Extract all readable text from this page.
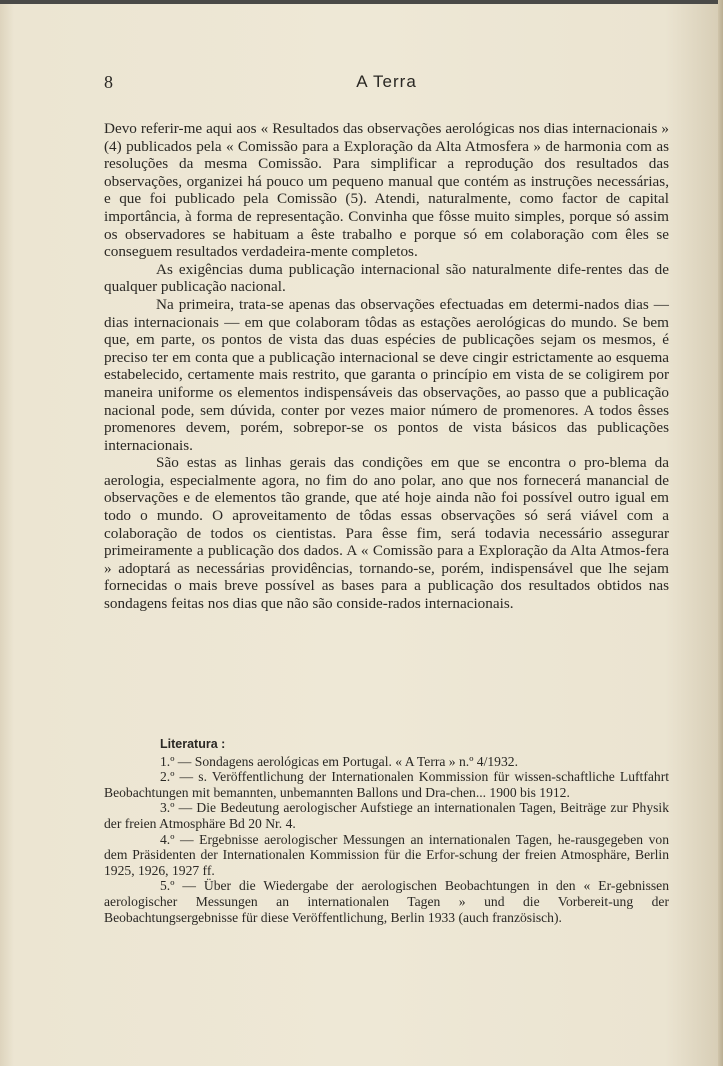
8	A Terra

Devo referir-me aqui aos « Resultados das observações aerológicas nos dias internacionais » (4) publicados pela « Comissão para a Exploração da Alta Atmosfera » de harmonia com as resoluções da mesma Comissão. Para simplificar a reprodução dos resultados das observações, organizei há pouco um pequeno manual que contém as instruções necessárias, e que foi publicado pela Comissão (5). Atendi, naturalmente, como factor de capital importância, à forma de representação. Convinha que fôsse muito simples, porque só assim os observadores se habituam a êste trabalho e porque só em colaboração com êles se conseguem resultados verdadeira-mente completos.

As exigências duma publicação internacional são naturalmente dife-rentes das de qualquer publicação nacional.

Na primeira, trata-se apenas das observações efectuadas em determi-nados dias — dias internacionais — em que colaboram tôdas as estações aerológicas do mundo. Se bem que, em parte, os pontos de vista das duas espécies de publicações sejam os mesmos, é preciso ter em conta que a publicação internacional se deve cingir estrictamente ao esquema estabelecido, certamente mais restrito, que garanta o princípio em vista de se coligirem por maneira uniforme os elementos indispensáveis das observações, ao passo que a publicação nacional pode, sem dúvida, conter por vezes maior número de promenores. A todos êsses promenores devem, porém, sobrepor-se os pontos de vista básicos das publicações internacionais.

São estas as linhas gerais das condições em que se encontra o pro-blema da aerologia, especialmente agora, no fim do ano polar, ano que nos fornecerá manancial de observações e de elementos tão grande, que até hoje ainda não foi possível outro igual em todo o mundo. O aproveitamento de tôdas essas observações só será viável com a colaboração de todos os cientistas. Para êsse fim, será todavia necessário assegurar primeiramente a publicação dos dados. A « Comissão para a Exploração da Alta Atmos-fera » adoptará as necessárias providências, tornando-se, porém, indispensável que lhe sejam fornecidas o mais breve possível as bases para a publicação dos resultados obtidos nas sondagens feitas nos dias que não são conside-rados internacionais.

Literatura :

1.º — Sondagens aerológicas em Portugal. « A Terra » n.º 4/1932.

2.º — s. Veröffentlichung der Internationalen Kommission für wissen-schaftliche Luftfahrt Beobachtungen mit bemannten, unbemannten Ballons und Dra-chen... 1900 bis 1912.

3.º — Die Bedeutung aerologischer Aufstiege an internationalen Tagen, Beiträge zur Physik der freien Atmosphäre Bd 20 Nr. 4.

4.º — Ergebnisse aerologischer Messungen an internationalen Tagen, he-rausgegeben von dem Präsidenten der Internationalen Kommission für die Erfor-schung der freien Atmosphäre, Berlin 1925, 1926, 1927 ff.

5.º — Über die Wiedergabe der aerologischen Beobachtungen in den « Er-gebnissen aerologischer Messungen an internationalen Tagen » und die Vorbereit-ung der Beobachtungsergebnisse für diese Veröffentlichung, Berlin 1933 (auch französisch).
